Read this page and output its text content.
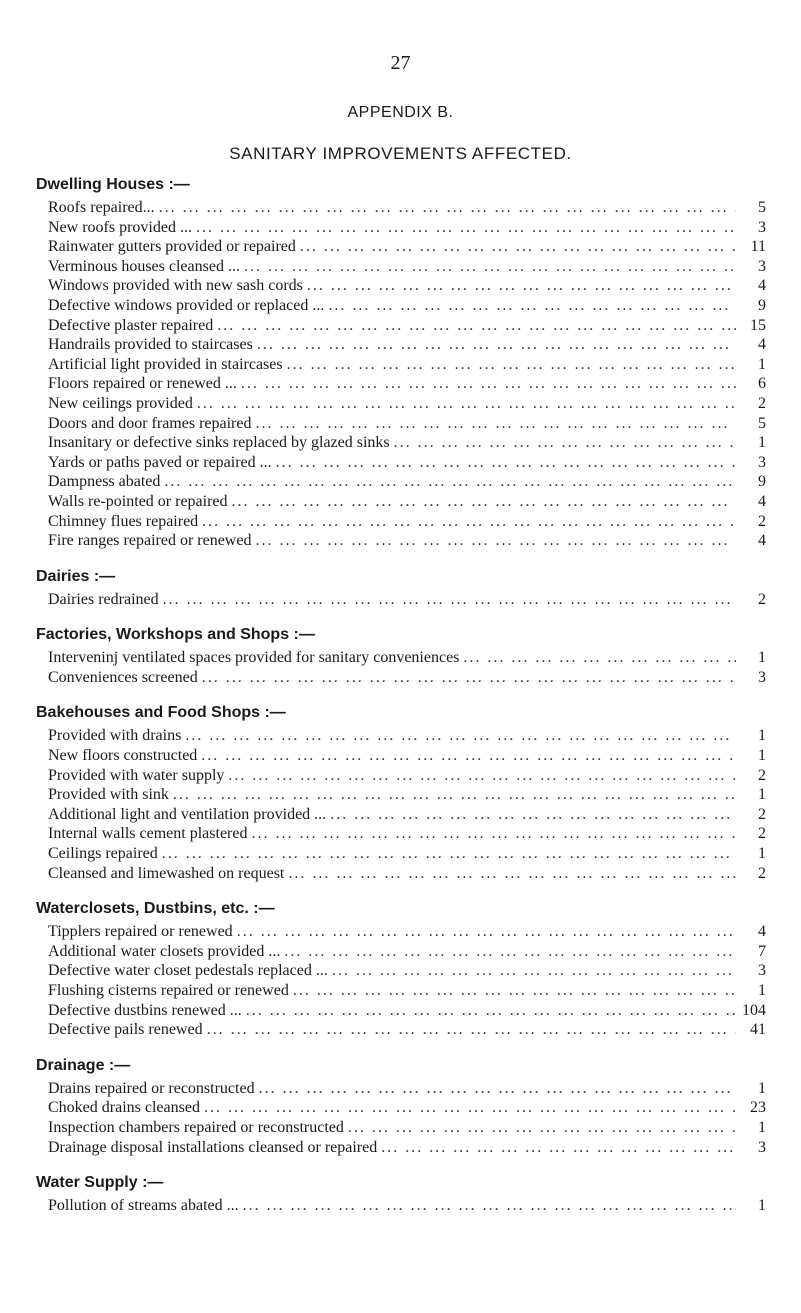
27
APPENDIX B.
SANITARY IMPROVEMENTS AFFECTED.
Dwelling Houses :—
Roofs repaired... ... .	5
New roofs provided ... ... .	3
Rainwater gutters provided or repaired ... .	11
Verminous houses cleansed ... ... .	3
Windows provided with new sash cords ... .	4
Defective windows provided or replaced ... ... .	9
Defective plaster repaired ... .	15
Handrails provided to staircases ... .	4
Artificial light provided in staircases ... .	1
Floors repaired or renewed ... ... .	6
New ceilings provided ... .	2
Doors and door frames repaired ... .	5
Insanitary or defective sinks replaced by glazed sinks ... .	1
Yards or paths paved or repaired ... ... .	3
Dampness abated ... .	9
Walls re-pointed or repaired ... .	4
Chimney flues repaired ... .	2
Fire ranges repaired or renewed ... .	4
Dairies :—
Dairies redrained ... .	2
Factories, Workshops and Shops :—
Interveninj ventilated spaces provided for sanitary conveniences ... .	1
Conveniences screened ... .	3
Bakehouses and Food Shops :—
Provided with drains ... .	1
New floors constructed ... .	1
Provided with water supply ... .	2
Provided with sink ... .	1
Additional light and ventilation provided ... ... .	2
Internal walls cement plastered ... .	2
Ceilings repaired ... .	1
Cleansed and limewashed on request ... .	2
Waterclosets, Dustbins, etc. :—
Tipplers repaired or renewed ... .	4
Additional water closets provided ... ... .	7
Defective water closet pedestals replaced ... ... .	3
Flushing cisterns repaired or renewed ... .	1
Defective dustbins renewed ... ... .	104
Defective pails renewed ... .	41
Drainage :—
Drains repaired or reconstructed ... .	1
Choked drains cleansed ... .	23
Inspection chambers repaired or reconstructed ... .	1
Drainage disposal installations cleansed or repaired ... .	3
Water Supply :—
Pollution of streams abated ... ... .	1
